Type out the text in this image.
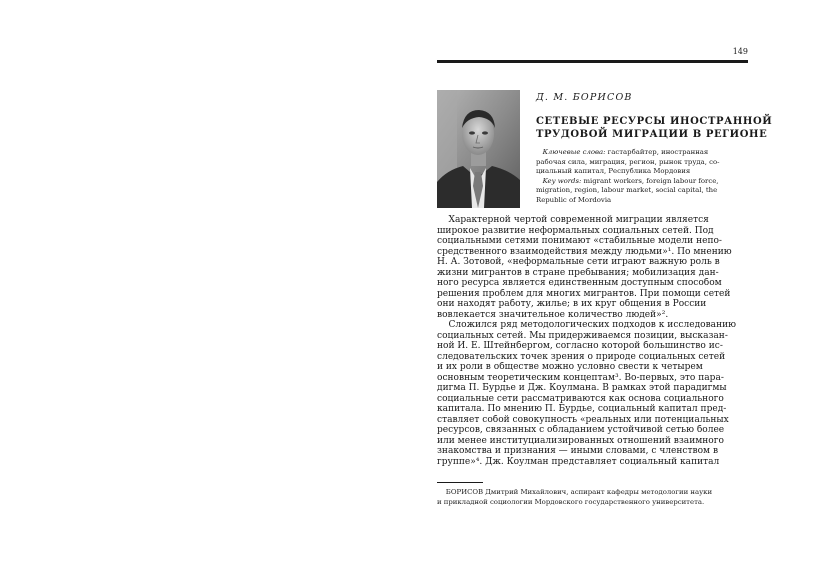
149
Д. М. БОРИСОВ
СЕТЕВЫЕ РЕСУРСЫ ИНОСТРАННОЙ
ТРУДОВОЙ МИГРАЦИИ В РЕГИОНЕ
Ключевые слова: гастарбайтер, иностранная
рабочая сила, миграция, регион, рынок труда, со-
циальный капитал, Республика Мордовия
Key words: migrant workers, foreign labour force,
migration, region, labour market, social capital, the
Republic of Mordovia
Характерной чертой современной миграции является
широкое развитие неформальных социальных сетей. Под
социальными сетями понимают «стабильные модели непо-
средственного взаимодействия между людьми»¹. По мнению
Н. А. Зотовой, «неформальные сети играют важную роль в
жизни мигрантов в стране пребывания; мобилизация дан-
ного ресурса является единственным доступным способом
решения проблем для многих мигрантов. При помощи сетей
они находят работу, жилье; в их круг общения в России
вовлекается значительное количество людей»².
Сложился ряд методологических подходов к исследованию
социальных сетей. Мы придерживаемся позиции, высказан-
ной И. Е. Штейнбергом, согласно которой большинство ис-
следовательских точек зрения о природе социальных сетей
и их роли в обществе можно условно свести к четырем
основным теоретическим концептам³. Во-первых, это пара-
дигма П. Бурдье и Дж. Коулмана. В рамках этой парадигмы
социальные сети рассматриваются как основа социального
капитала. По мнению П. Бурдье, социальный капитал пред-
ставляет собой совокупность «реальных или потенциальных
ресурсов, связанных с обладанием устойчивой сетью более
или менее институциализированных отношений взаимного
знакомства и признания — иными словами, с членством в
группе»⁴. Дж. Коулман представляет социальный капитал
БОРИСОВ Дмитрий Михайлович, аспирант кафедры методологии науки
и прикладной социологии Мордовского государственного университета.
